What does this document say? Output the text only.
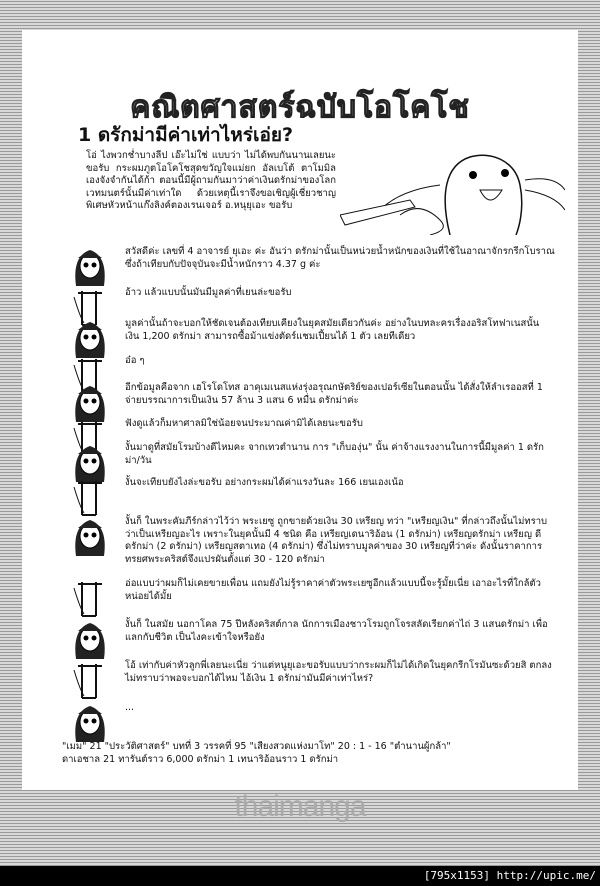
คณิตศาสตร์ฉบับโอโคโช
1 ดรักม่ามีค่าเท่าไหร่เอ่ย?
โอ่ ไงพวกช่ำบางลีป เอ๊ะไม่ใช่ แบบว่า ไม่ได้พบกันนานเลยนะขอรับ กระผมภูตโอโคโชสุดขวัญใจแม่ยก อัลเบโต้ ตาโมมิล เองจังจำกันได้ก้า ตอนนี้มีผู้ถามกันมาว่าค่าเงินดรักม่าของโลกเวทมนตร์นั้นมีค่าเท่าใด ด้วยเหตุนี้เราจึงขอเชิญผู้เชี่ยวชาญพิเศษหัวหน้าแก๊งลิงค์ตองเรนเจอร์ อ.หนุยุเอะ ขอรับ
สวัสดีค่ะ เลขที่ 4 อาจารย์ ยุเอะ ค่ะ อันว่า ดรักม่านั้นเป็นหน่วยน้ำหนักของเงินที่ใช้ในอาณาจักรกรีกโบราณ ซึ่งถ้าเทียบกับปัจจุบันจะมีน้ำหนักราว 4.37 g ค่ะ
อ้าว แล้วแบบนั้นมันมีมูลค่าที่เยนล่ะขอรับ
มูลค่านั้นถ้าจะบอกให้ชัดเจนต้องเทียบเคียงในยุคสมัยเดียวกันค่ะ อย่างในบทละครเรื่องอริสโทฟาเนสนั้น เงิน 1,200 ดรักม่า สามารถซื้อม้าแข่งตัดร์แชมเปี้ยนได้ 1 ตัว เลยทีเดียว
อ๋อ ๆ
อีกข้อมูลคือจาก เฮโรโดโทส อาคุเมเนสแห่งรุ่งอรุณกษัตริย์ของเปอร์เซียในตอนนั้น ได้สั่งให้ลำเรออสที่ 1 จ่ายบรรณาการเป็นเงิน 57 ล้าน 3 แสน 6 หมื่น ดรักม่าค่ะ
ฟังดูแล้วก็มหาศาลมิใช่น้อยจนประมาณค่ามิได้เลยนะขอรับ
งั้นมาดูที่สมัยโรมบ้างดีไหมคะ จากเทวตำนาน การ "เก็บองุ่น" นั้น ค่าจ้างแรงงานในการนี้มีมูลค่า 1 ดรักม่า/วัน
งั้นจะเทียบยังไงล่ะขอรับ อย่างกระผมได้ค่าแรงวันละ 166 เยนเองเน้อ
งั้นก็ ในพระคัมภีร์กล่าวไว้ว่า พระเยซู ถูกขายด้วยเงิน 30 เหรียญ ทว่า "เหรียญเงิน" ที่กล่าวถึงนั้นไม่ทราบว่าเป็นเหรียญอะไร เพราะในยุคนั้นมี 4 ชนิด คือ เหรียญเดนาริอ้อน (1 ดรักม่า) เหรียญดรักม่า เหรียญ ดีดรักม่า (2 ดรักม่า) เหรียญสตาเทอ (4 ดรักม่า) ซึ่งไม่ทราบมูลค่าของ 30 เหรียญที่ว่าค่ะ ดังนั้นราคาการทรยศพระคริสต์จึงแปรผันตั้งแต่ 30 - 120 ดรักม่า
อ่อแบบว่าผมก็ไม่เคยขายเพื่อน แถมยังไม่รู้ราคาค่าตัวพระเยซูอีกแล้วแบบนี้จะรู้มั้ยเนี่ย เอาอะไรที่ใกล้ตัวหน่อยได้มั้ย
งั้นก็ ในสมัย นอกาโคล 75 ปีหลังคริสต์กาล นักการเมืองชาวโรมถูกโจรสลัดเรียกค่าไถ่ 3 แสนดรักม่า เพื่อแลกกับชีวิต เป็นไงคะเข้าใจหรือยัง
โอ้ เท่ากับค่าหัวลูกพี่เลยนะเนี่ย ว่าแต่หนูยุเอะขอรับแบบว่ากระผมก็ไม่ได้เกิดในยุคกรีกโรมันซะด้วยสิ ตกลงไม่ทราบว่าพอจะบอกได้ไหม ไอ้เงิน 1 ดรักม่ามันมีค่าเท่าไหร่?
...
"เมม" 21 "ประวัติศาสตร์" บทที่ 3 วรรคที่ 95 "เสียงสวดแห่งมาโท" 20 : 1 - 16 "ตำนานผู้กล้า"
ดาเอชาล 21 ทารันต์ราว 6,000 ดรักม่า 1 เทนาริอ้อนราว 1 ดรักม่า
thaimanga
[795x1153] http://upic.me/
